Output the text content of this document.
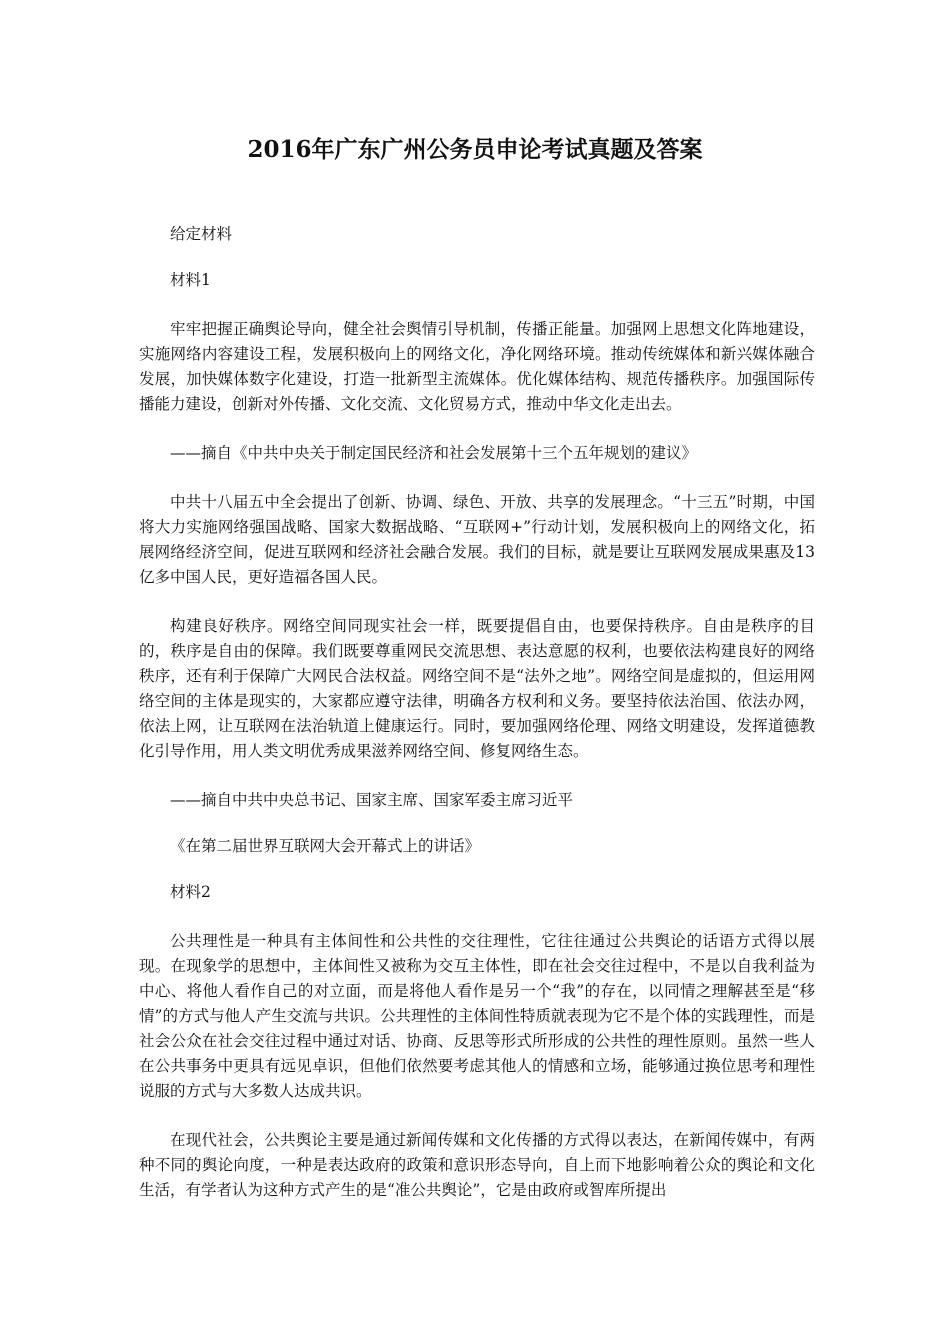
2016年广东广州公务员申论考试真题及答案

给定材料

材料1

牢牢把握正确舆论导向，健全社会舆情引导机制，传播正能量。加强网上思想文化阵地建设，实施网络内容建设工程，发展积极向上的网络文化，净化网络环境。推动传统媒体和新兴媒体融合发展，加快媒体数字化建设，打造一批新型主流媒体。优化媒体结构、规范传播秩序。加强国际传播能力建设，创新对外传播、文化交流、文化贸易方式，推动中华文化走出去。

——摘自《中共中央关于制定国民经济和社会发展第十三个五年规划的建议》

中共十八届五中全会提出了创新、协调、绿色、开放、共享的发展理念。“十三五”时期，中国将大力实施网络强国战略、国家大数据战略、“互联网+”行动计划，发展积极向上的网络文化，拓展网络经济空间，促进互联网和经济社会融合发展。我们的目标，就是要让互联网发展成果惠及13亿多中国人民，更好造福各国人民。

构建良好秩序。网络空间同现实社会一样，既要提倡自由，也要保持秩序。自由是秩序的目的，秩序是自由的保障。我们既要尊重网民交流思想、表达意愿的权利，也要依法构建良好的网络秩序，还有利于保障广大网民合法权益。网络空间不是“法外之地”。网络空间是虚拟的，但运用网络空间的主体是现实的，大家都应遵守法律，明确各方权利和义务。要坚持依法治国、依法办网，依法上网，让互联网在法治轨道上健康运行。同时，要加强网络伦理、网络文明建设，发挥道德教化引导作用，用人类文明优秀成果滋养网络空间、修复网络生态。

——摘自中共中央总书记、国家主席、国家军委主席习近平

《在第二届世界互联网大会开幕式上的讲话》

材料2

公共理性是一种具有主体间性和公共性的交往理性，它往往通过公共舆论的话语方式得以展现。在现象学的思想中，主体间性又被称为交互主体性，即在社会交往过程中，不是以自我利益为中心、将他人看作自己的对立面，而是将他人看作是另一个“我”的存在，以同情之理解甚至是“移情”的方式与他人产生交流与共识。公共理性的主体间性特质就表现为它不是个体的实践理性，而是社会公众在社会交往过程中通过对话、协商、反思等形式所形成的公共性的理性原则。虽然一些人在公共事务中更具有远见卓识，但他们依然要考虑其他人的情感和立场，能够通过换位思考和理性说服的方式与大多数人达成共识。

在现代社会，公共舆论主要是通过新闻传媒和文化传播的方式得以表达，在新闻传媒中，有两种不同的舆论向度，一种是表达政府的政策和意识形态导向，自上而下地影响着公众的舆论和文化生活，有学者认为这种方式产生的是“准公共舆论”，它是由政府或智库所提出
